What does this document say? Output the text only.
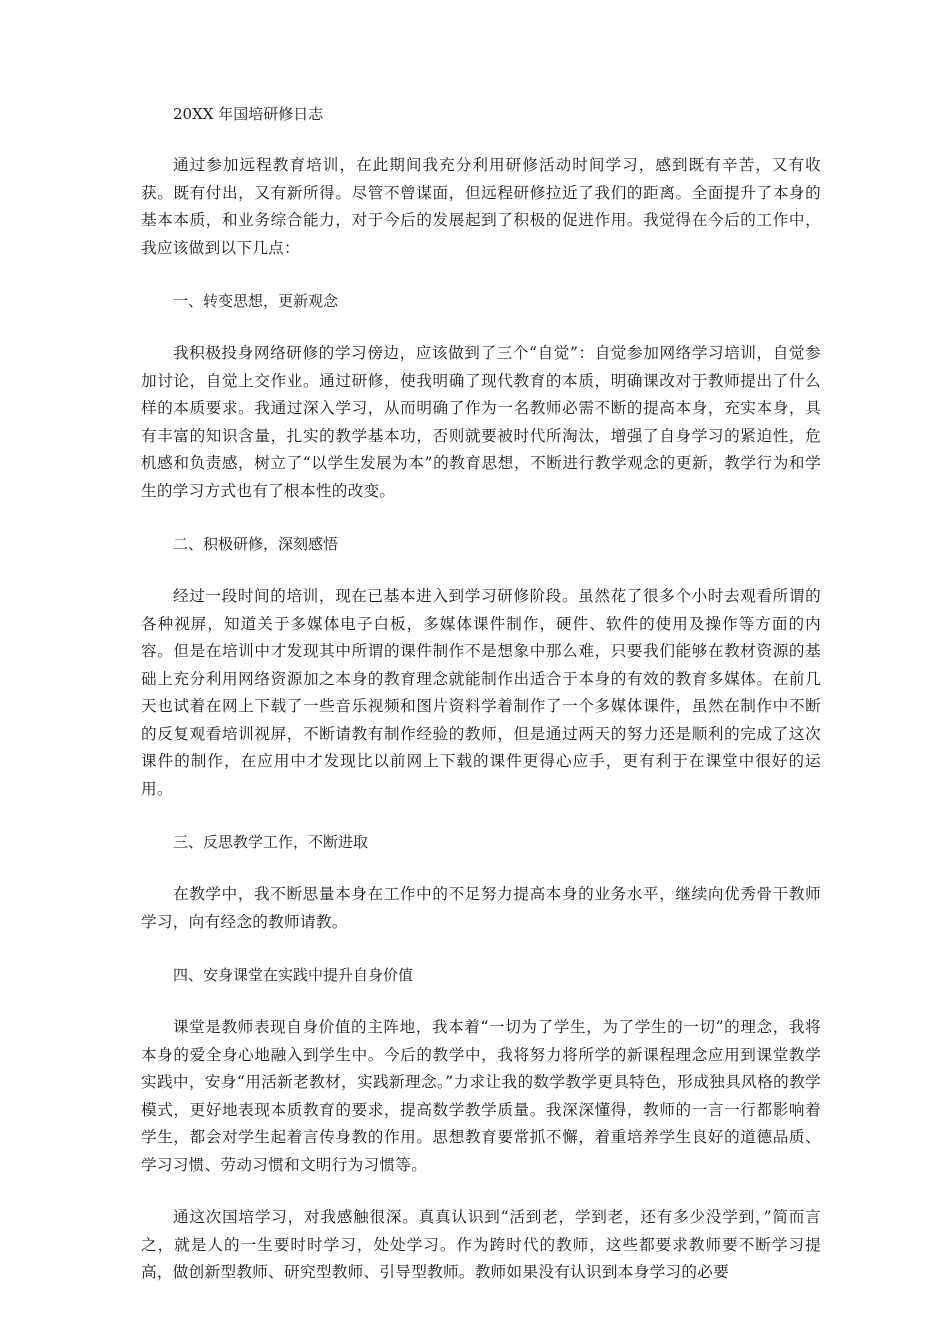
20XX 年国培研修日志
通过参加远程教育培训，在此期间我充分利用研修活动时间学习，感到既有辛苦，又有收获。既有付出，又有新所得。尽管不曾谋面，但远程研修拉近了我们的距离。全面提升了本身的基本本质，和业务综合能力，对于今后的发展起到了积极的促进作用。我觉得在今后的工作中，我应该做到以下几点：
一、转变思想，更新观念
我积极投身网络研修的学习傍边，应该做到了三个“自觉”：自觉参加网络学习培训，自觉参加讨论，自觉上交作业。通过研修，使我明确了现代教育的本质，明确课改对于教师提出了什么样的本质要求。我通过深入学习，从而明确了作为一名教师必需不断的提高本身，充实本身，具有丰富的知识含量，扎实的教学基本功，否则就要被时代所淘汰，增强了自身学习的紧迫性，危机感和负责感，树立了“以学生发展为本”的教育思想，不断进行教学观念的更新，教学行为和学生的学习方式也有了根本性的改变。
二、积极研修，深刻感悟
经过一段时间的培训，现在已基本进入到学习研修阶段。虽然花了很多个小时去观看所谓的各种视屏，知道关于多媒体电子白板，多媒体课件制作，硬件、软件的使用及操作等方面的内容。但是在培训中才发现其中所谓的课件制作不是想象中那么难，只要我们能够在教材资源的基础上充分利用网络资源加之本身的教育理念就能制作出适合于本身的有效的教育多媒体。在前几天也试着在网上下载了一些音乐视频和图片资料学着制作了一个多媒体课件，虽然在制作中不断的反复观看培训视屏，不断请教有制作经验的教师，但是通过两天的努力还是顺利的完成了这次课件的制作，在应用中才发现比以前网上下载的课件更得心应手，更有利于在课堂中很好的运用。
三、反思教学工作，不断进取
在教学中，我不断思量本身在工作中的不足努力提高本身的业务水平，继续向优秀骨干教师学习，向有经念的教师请教。
四、安身课堂在实践中提升自身价值
课堂是教师表现自身价值的主阵地，我本着“一切为了学生，为了学生的一切”的理念，我将本身的爱全身心地融入到学生中。今后的教学中，我将努力将所学的新课程理念应用到课堂教学实践中，安身“用活新老教材，实践新理念。”力求让我的数学教学更具特色，形成独具风格的教学模式，更好地表现本质教育的要求，提高数学教学质量。我深深懂得，教师的一言一行都影响着学生，都会对学生起着言传身教的作用。思想教育要常抓不懈，着重培养学生良好的道德品质、学习习惯、劳动习惯和文明行为习惯等。
通这次国培学习，对我感触很深。真真认识到“活到老，学到老，还有多少没学到，”简而言之，就是人的一生要时时学习，处处学习。作为跨时代的教师，这些都要求教师要不断学习提高，做创新型教师、研究型教师、引导型教师。教师如果没有认识到本身学习的必要
